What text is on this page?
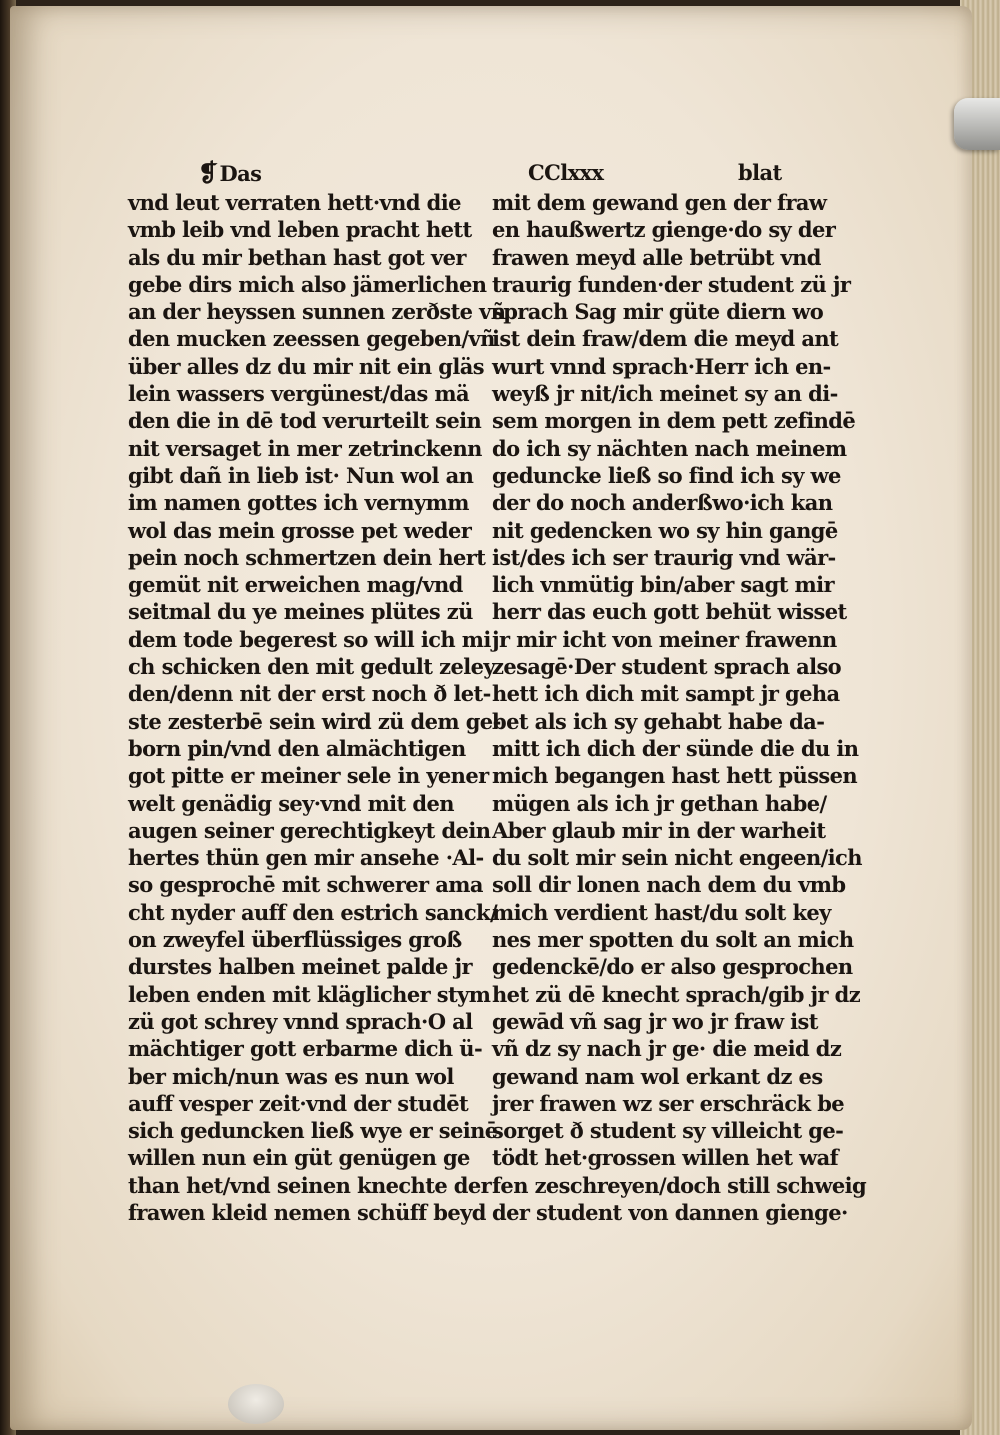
❡Das
vnd leut verraten hett·vnd die
vmb leib vnd leben pracht hett
als du mir bethan hast got ver
gebe dirs mich also jämerlichen
an der heyssen sunnen zerðste vñ
den mucken zeessen gegeben/vñ
über alles dz du mir nit ein gläs
lein wassers vergünest/das mä
den die in dē tod verurteilt sein
nit versaget in mer zetrinckenn
gibt dañ in lieb ist· Nun wol an
im namen gottes ich vernymm
wol das mein grosse pet weder
pein noch schmertzen dein hert
gemüt nit erweichen mag/vnd
seitmal du ye meines plütes zü
dem tode begerest so will ich mi
ch schicken den mit gedult zeley
den/denn nit der erst noch ð let-
ste zesterbē sein wird zü dem ge-
born pin/vnd den almächtigen
got pitte er meiner sele in yener
welt genädig sey·vnd mit den
augen seiner gerechtigkeyt dein
hertes thün gen mir ansehe ·Al-
so gesprochē mit schwerer ama
cht nyder auff den estrich sanck/
on zweyfel überflüssiges groß
durstes halben meinet palde jr
leben enden mit kläglicher stym
zü got schrey vnnd sprach·O al
mächtiger gott erbarme dich ü-
ber mich/nun was es nun wol
auff vesper zeit·vnd der studēt
sich geduncken ließ wye er seinē
willen nun ein güt genügen ge
than het/vnd seinen knechte der
frawen kleid nemen schüff beyd
CClxxx	blat
mit dem gewand gen der fraw
en haußwertz gienge·do sy der
frawen meyd alle betrübt vnd
traurig funden·der student zü jr
sprach Sag mir güte diern wo
ist dein fraw/dem die meyd ant
wurt vnnd sprach·Herr ich en-
weyß jr nit/ich meinet sy an di-
sem morgen in dem pett zefindē
do ich sy nächten nach meinem
geduncke ließ so find ich sy we
der do noch anderßwo·ich kan
nit gedencken wo sy hin gangē
ist/des ich ser traurig vnd wär-
lich vnmütig bin/aber sagt mir
herr das euch gott behüt wisset
jr mir icht von meiner frawenn
zesagē·Der student sprach also
hett ich dich mit sampt jr geha
bet als ich sy gehabt habe da-
mitt ich dich der sünde die du in
mich begangen hast hett püssen
mügen als ich jr gethan habe/
Aber glaub mir in der warheit
du solt mir sein nicht engeen/ich
soll dir lonen nach dem du vmb
mich verdient hast/du solt key
nes mer spotten du solt an mich
gedenckē/do er also gesprochen
het zü dē knecht sprach/gib jr dz
gewād vñ sag jr wo jr fraw ist
vñ dz sy nach jr ge· die meid dz
gewand nam wol erkant dz es
jrer frawen wz ser erschräck be
sorget ð student sy villeicht ge-
tödt het·grossen willen het waf
fen zeschreyen/doch still schweig
der student von dannen gienge·
